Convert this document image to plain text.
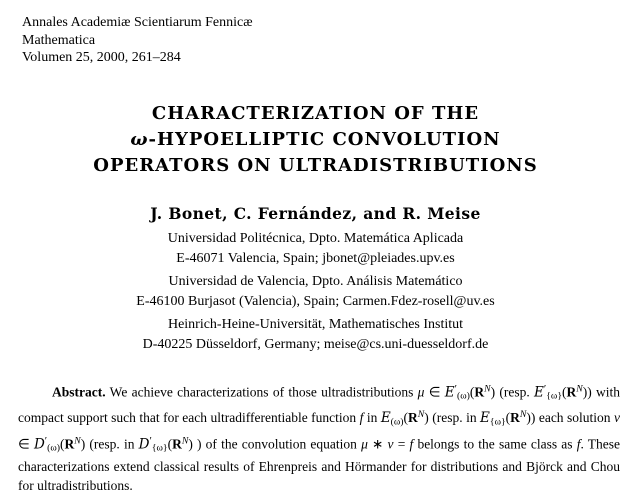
Annales Academiæ Scientiarum Fennicæ
Mathematica
Volumen 25, 2000, 261–284
CHARACTERIZATION OF THE
ω-HYPOELLIPTIC CONVOLUTION
OPERATORS ON ULTRADISTRIBUTIONS
J. Bonet, C. Fernández, and R. Meise
Universidad Politécnica, Dpto. Matemática Aplicada
E-46071 Valencia, Spain; jbonet@pleiades.upv.es
Universidad de Valencia, Dpto. Análisis Matemático
E-46100 Burjasot (Valencia), Spain; Carmen.Fdez-rosell@uv.es
Heinrich-Heine-Universität, Mathematisches Institut
D-40225 Düsseldorf, Germany; meise@cs.uni-duesseldorf.de
Abstract. We achieve characterizations of those ultradistributions μ ∈ $E'(\omega)(R^N)$ (resp. $E'\{\omega\}(R^N)$) with compact support such that for each ultradifferentiable function f in $E(\omega)(R^N)$ (resp. in $E\{\omega\}(R^N)$) each solution ν ∈ $D'(\omega)(R^N)$ (resp. in $D'\{\omega\}(R^N)$ ) of the convolution equation μ ∗ ν = f belongs to the same class as f. These characterizations extend classical results of Ehrenpreis and Hörmander for distributions and Björck and Chou for ultradistributions.
